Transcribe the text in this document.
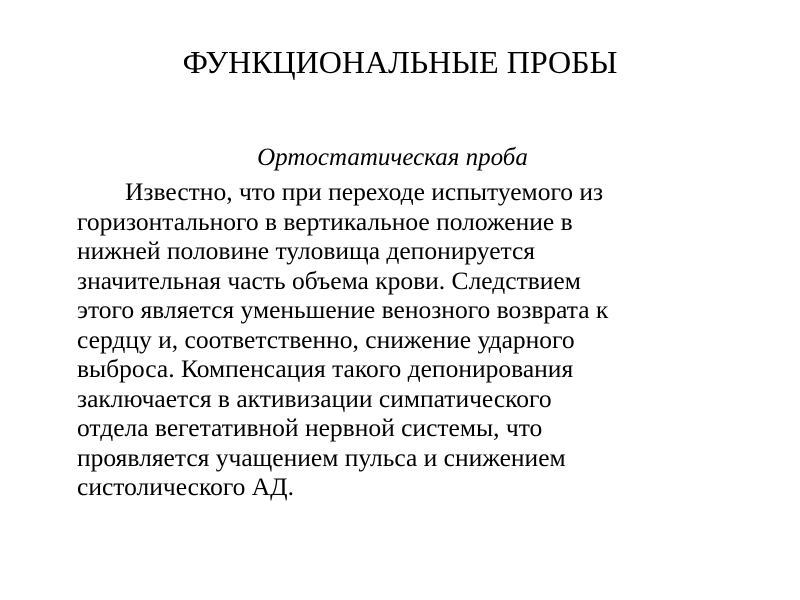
ФУНКЦИОНАЛЬНЫЕ ПРОБЫ
Ортостатическая проба
Известно, что при переходе испытуемого из
горизонтального в вертикальное положение в
нижней половине туловища депонируется
значительная часть объема крови. Следствием
этого является уменьшение венозного возврата к
сердцу и, соответственно, снижение ударного
выброса. Компенсация такого депонирования
заключается в активизации симпатического
отдела вегетативной нервной системы, что
проявляется учащением пульса и снижением
систолического АД.
